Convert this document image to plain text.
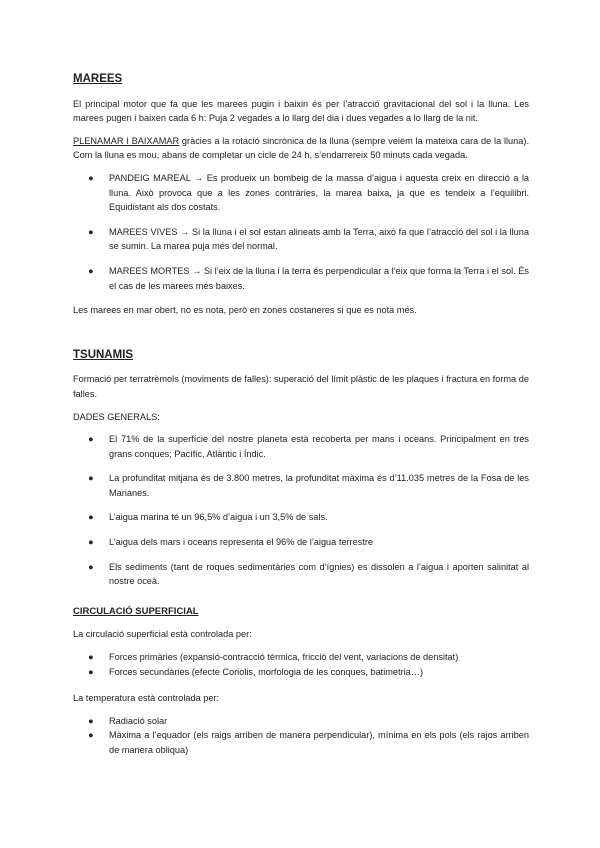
MAREES

El principal motor que fa que les marees pugin i baixin és per l’atracció gravitacional del sol i la lluna. Les marees pugen i baixen cada 6 h: Puja 2 vegades a lo llarg del dia i dues vegades a lo llarg de la nit.

PLENAMAR I BAIXAMAR gràcies a la rotació sincrònica de la lluna (sempre veiem la mateixa cara de la lluna). Com la lluna es mou, abans de completar un cicle de 24 h, s’endarrereix 50 minuts cada vegada.

● PANDEIG MAREAL → Es produeix un bombeig de la massa d’aigua i aquesta creix en direcció a la lluna. Això provoca que a les zones contràries, la marea baixa, ja que es tendeix a l’equilibri. Equidistant als dos costats.
● MAREES VIVES → Si la lluna i el sol estan alineats amb la Terra, això fa que l’atracció del sol i la lluna se sumin. La marea puja més del normal.
● MAREES MORTES → Si l’eix de la lluna i la terra és perpendicular a l’eix que forma la Terra i el sol. És el cas de les marees més baixes.

Les marees en mar obert, no es nota, però en zones costaneres si que es nota més.

TSUNAMIS

Formació per terratrèmols (moviments de falles): superació del límit plàstic de les plaques i fractura en forma de falles.

DADES GENERALS:

● El 71% de la superfície del nostre planeta està recoberta per mans i oceans. Principalment en tres grans conques; Pacífic, Atlàntic i Índic.
● La profunditat mitjana és de 3.800 metres, la profunditat màxima és d’11.035 metres de la Fosa de les Marianes.
● L’aigua marina té un 96,5% d’aigua i un 3,5% de sals.
● L’aigua dels mars i oceans representa el 96% de l’aigua terrestre
● Els sediments (tant de roques sedimentàries com d’ígnies) es dissolen a l’aigua i aporten salinitat al nostre oceà.
CIRCULACIÓ SUPERFICIAL

La circulació superficial està controlada per:

● Forces primàries (expansió-contracció tèrmica, fricció del vent, variacions de densitat)
● Forces secundàries (efecte Coriolis, morfologia de les conques, batimetria…)

La temperatura està controlada per:

● Radiació solar
● Màxima a l’equador (els raigs arriben de manera perpendicular), mínima en els pols (els rajos arriben de manera obliqua)
